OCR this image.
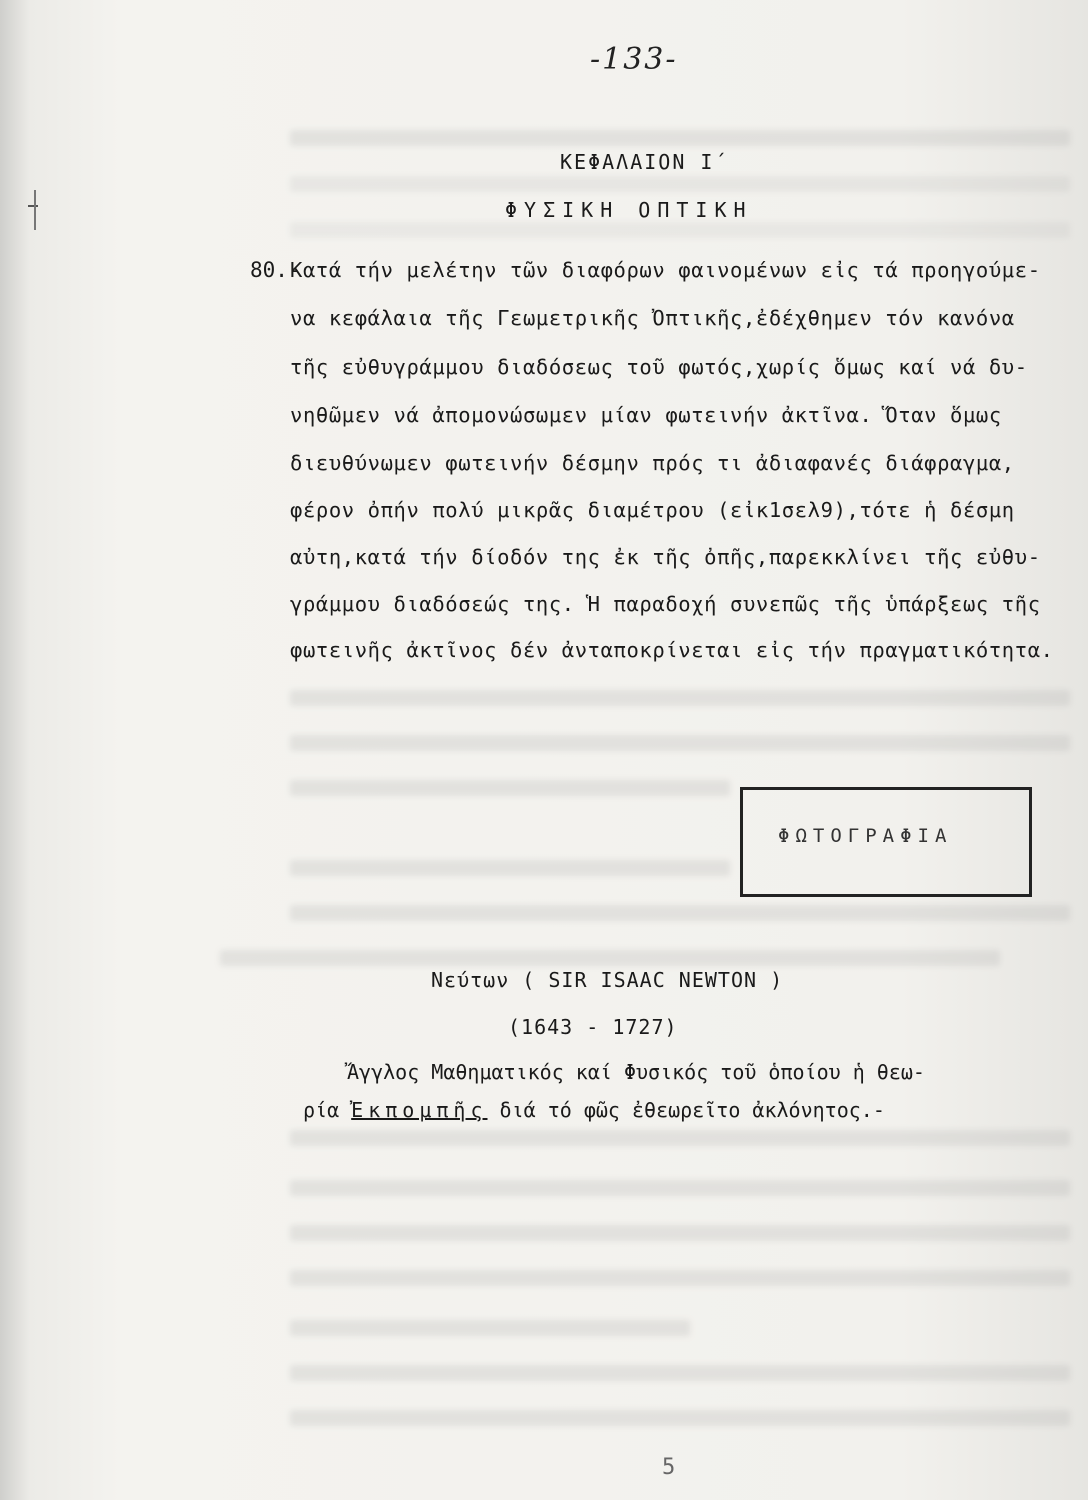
-133-
ΚΕΦΑΛΑΙΟΝ Ι΄
ΦΥΣΙΚΗ ΟΠΤΙΚΗ
80.-
Κατά τήν μελέτην τῶν διαφόρων φαινομένων εἰς τά προηγούμε-
να κεφάλαια τῆς Γεωμετρικῆς Ὀπτικῆς,ἐδέχθημεν τόν κανόνα
τῆς εὐθυγράμμου διαδόσεως τοῦ φωτός,χωρίς ὅμως καί νά δυ-
νηθῶμεν νά ἀπομονώσωμεν μίαν φωτεινήν ἀκτῖνα. Ὅταν ὅμως
διευθύνωμεν φωτεινήν δέσμην πρός τι ἀδιαφανές διάφραγμα,
φέρον ὀπήν πολύ μικρᾶς διαμέτρου (εἰκ1σελ9),τότε ἡ δέσμη
αὐτη,κατά τήν δίοδόν της ἐκ τῆς ὀπῆς,παρεκκλίνει τῆς εὐθυ-
γράμμου διαδόσεώς της. Ἡ παραδοχή συνεπῶς τῆς ὑπάρξεως τῆς
φωτεινῆς ἀκτῖνος δέν ἀνταποκρίνεται εἰς τήν πραγματικότητα.
ΦΩΤΟΓΡΑΦΙΑ
Νεύτων ( SIR ISAAC NEWTON )
(1643 - 1727)
Ἄγγλος Μαθηματικός καί Φυσικός τοῦ ὁποίου ἡ θεω-
ρία Ἐκπομπῆς διά τό φῶς ἐθεωρεῖτο ἀκλόνητος.-
5
